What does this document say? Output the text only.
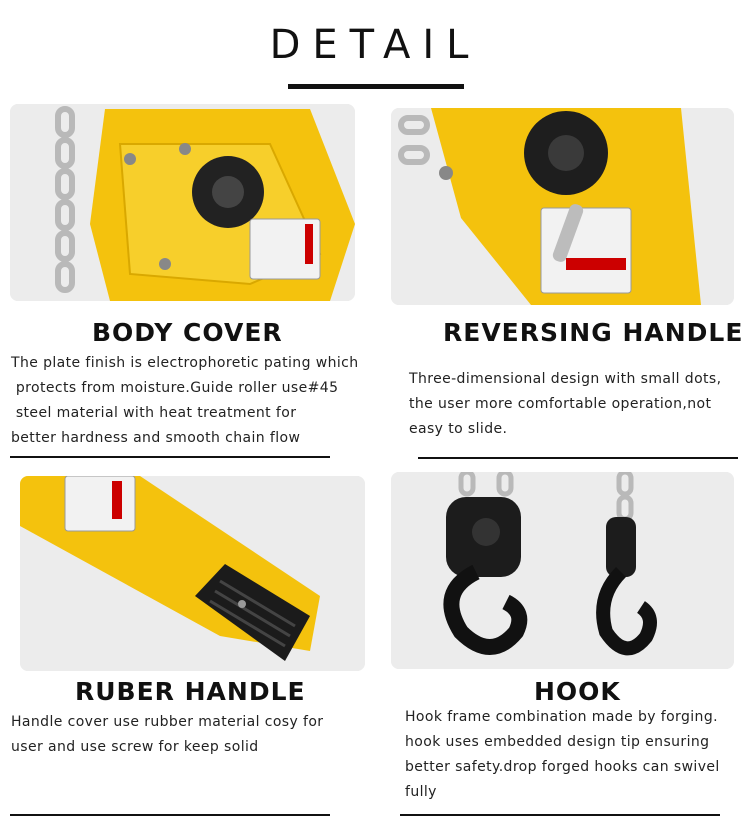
DETAIL
BODY COVER	REVERSING HANDLE
The plate finish is electrophoretic pating which
protects from moisture.Guide roller use#45
steel material with heat treatment for
better hardness and smooth chain flow
Three-dimensional design with small dots,
the user more comfortable operation,not
easy to slide.
RUBER HANDLE	HOOK
Handle cover use rubber material cosy for
user and use screw for keep solid
Hook frame combination made by forging.
hook uses embedded design tip ensuring
better safety.drop forged hooks can swivel
fully
